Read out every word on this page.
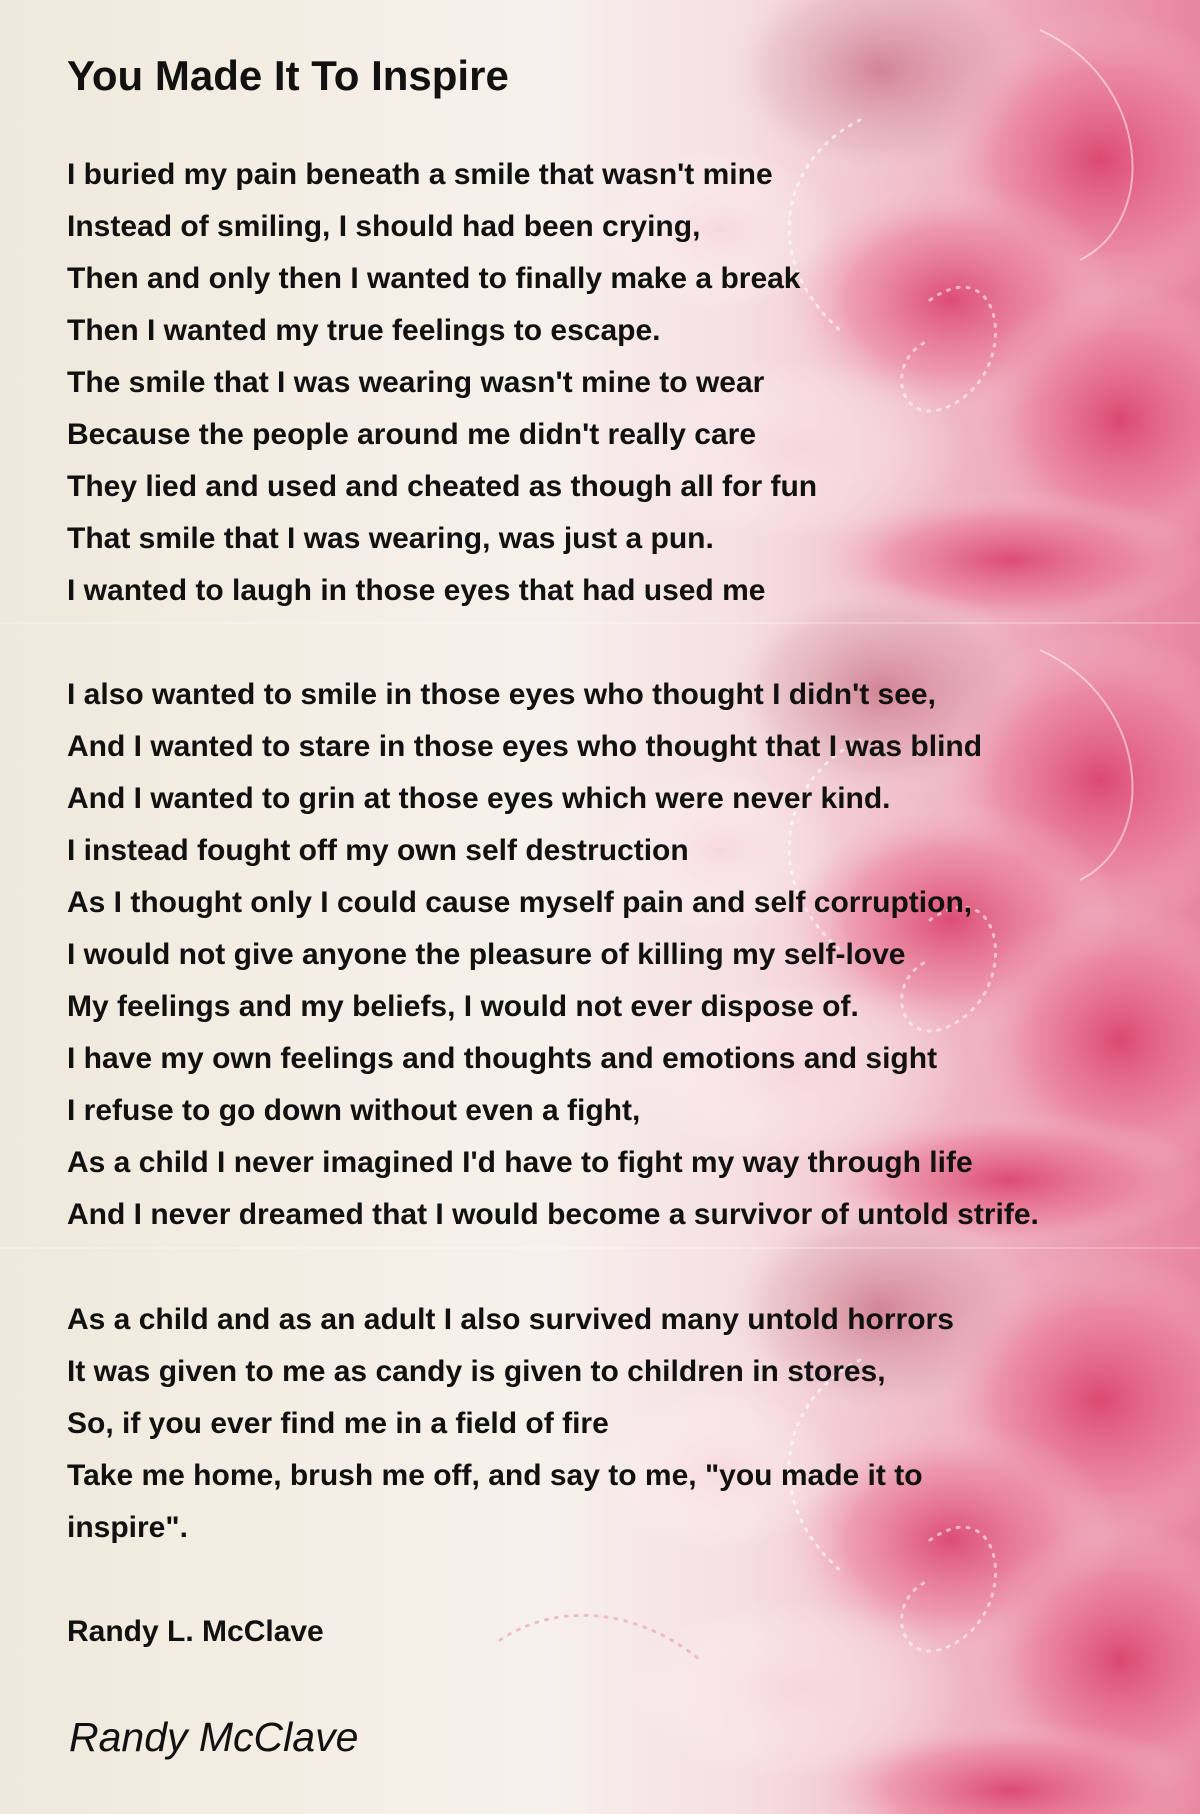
You Made It To Inspire
I buried my pain beneath a smile that wasn't mine
Instead of smiling, I should had been crying,
Then and only then I wanted to finally make a break
Then I wanted my true feelings to escape.
The smile that I was wearing wasn't mine to wear
Because the people around me didn't really care
They lied and used and cheated as though all for fun
That smile that I was wearing, was just a pun.
I wanted to laugh in those eyes that had used me
I also wanted to smile in those eyes who thought I didn't see,
And I wanted to stare in those eyes who thought that I was blind
And I wanted to grin at those eyes which were never kind.
I instead fought off my own self destruction
As I thought only I could cause myself pain and self corruption,
I would not give anyone the pleasure of killing my self-love
My feelings and my beliefs, I would not ever dispose of.
I have my own feelings and thoughts and emotions and sight
I refuse to go down without even a fight,
As a child I never imagined I'd have to fight my way through life
And I never dreamed that I would become a survivor of untold strife.
As a child and as an adult I also survived many untold horrors
It was given to me as candy is given to children in stores,
So, if you ever find me in a field of fire
Take me home, brush me off, and say to me, "you made it to
inspire".
Randy L. McClave
Randy McClave
